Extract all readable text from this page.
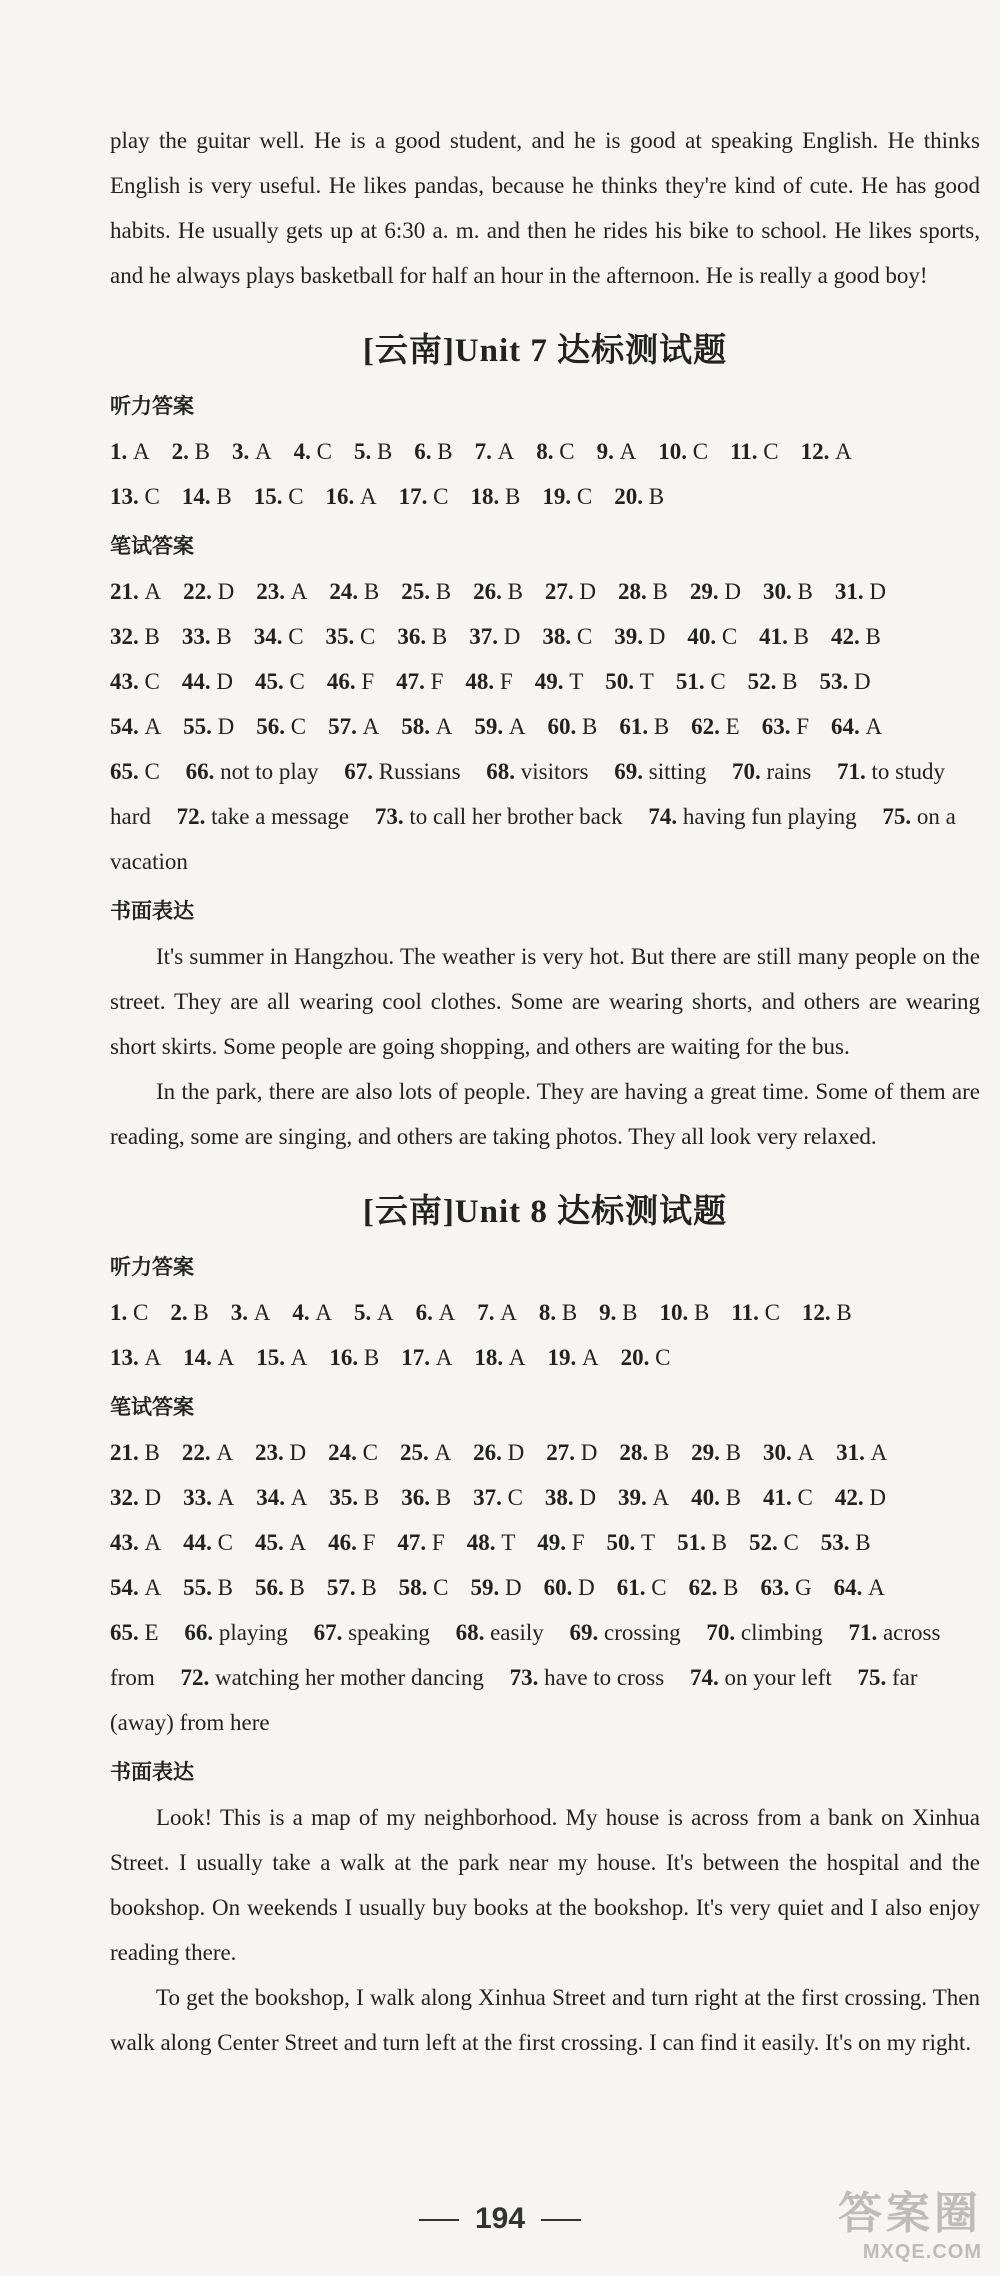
play the guitar well. He is a good student, and he is good at speaking English. He thinks English is very useful. He likes pandas, because he thinks they're kind of cute. He has good habits. He usually gets up at 6:30 a. m. and then he rides his bike to school. He likes sports, and he always plays basketball for half an hour in the afternoon. He is really a good boy!

[云南]Unit 7 达标测试题
听力答案

1. A 2. B 3. A 4. C 5. B 6. B 7. A 8. C 9. A 10. C 11. C 12. A

13. C 14. B 15. C 16. A 17. C 18. B 19. C 20. B

笔试答案

21. A 22. D 23. A 24. B 25. B 26. B 27. D 28. B 29. D 30. B 31. D

32. B 33. B 34. C 35. C 36. B 37. D 38. C 39. D 40. C 41. B 42. B

43. C 44. D 45. C 46. F 47. F 48. F 49. T 50. T 51. C 52. B 53. D

54. A 55. D 56. C 57. A 58. A 59. A 60. B 61. B 62. E 63. F 64. A

65. C 66. not to play 67. Russians 68. visitors 69. sitting 70. rains 71. to study hard 72. take a message 73. to call her brother back 74. having fun playing 75. on a vacation

书面表达

It's summer in Hangzhou. The weather is very hot. But there are still many people on the street. They are all wearing cool clothes. Some are wearing shorts, and others are wearing short skirts. Some people are going shopping, and others are waiting for the bus.

In the park, there are also lots of people. They are having a great time. Some of them are reading, some are singing, and others are taking photos. They all look very relaxed.

[云南]Unit 8 达标测试题
听力答案

1. C 2. B 3. A 4. A 5. A 6. A 7. A 8. B 9. B 10. B 11. C 12. B

13. A 14. A 15. A 16. B 17. A 18. A 19. A 20. C

笔试答案

21. B 22. A 23. D 24. C 25. A 26. D 27. D 28. B 29. B 30. A 31. A

32. D 33. A 34. A 35. B 36. B 37. C 38. D 39. A 40. B 41. C 42. D

43. A 44. C 45. A 46. F 47. F 48. T 49. F 50. T 51. B 52. C 53. B

54. A 55. B 56. B 57. B 58. C 59. D 60. D 61. C 62. B 63. G 64. A

65. E 66. playing 67. speaking 68. easily 69. crossing 70. climbing 71. across from 72. watching her mother dancing 73. have to cross 74. on your left 75. far (away) from here

书面表达

Look! This is a map of my neighborhood. My house is across from a bank on Xinhua Street. I usually take a walk at the park near my house. It's between the hospital and the bookshop. On weekends I usually buy books at the bookshop. It's very quiet and I also enjoy reading there.

To get the bookshop, I walk along Xinhua Street and turn right at the first crossing. Then walk along Center Street and turn left at the first crossing. I can find it easily. It's on my right.

194	答案圈
MXQE.COM
